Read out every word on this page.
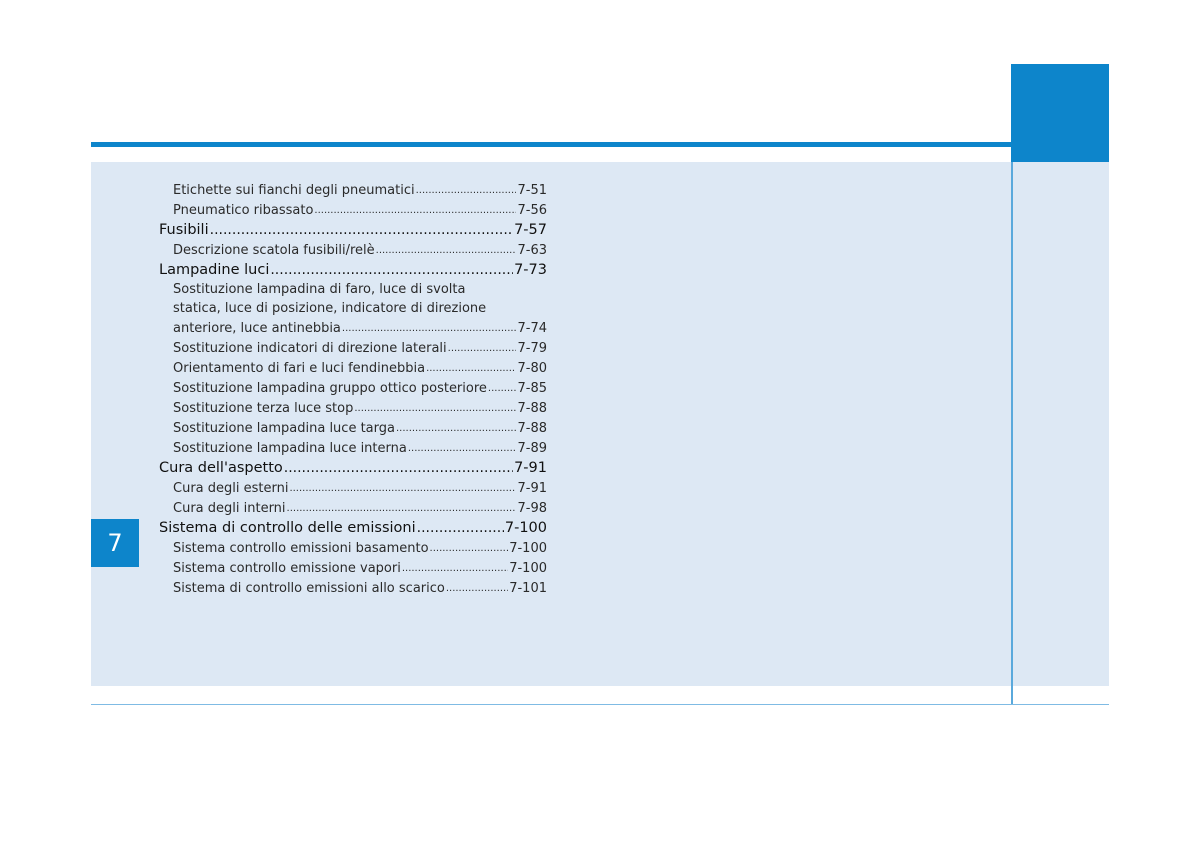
7
Etichette sui fianchi degli pneumatici .....	7-51
Pneumatico ribassato .....	7-56
Fusibili .....	7-57
Descrizione scatola fusibili/relè .....	7-63
Lampadine luci .....	7-73
Sostituzione lampadina di faro, luce di svolta
statica, luce di posizione, indicatore di direzione
anteriore, luce antinebbia .....	7-74
Sostituzione indicatori di direzione laterali .....	7-79
Orientamento di fari e luci fendinebbia .....	7-80
Sostituzione lampadina gruppo ottico posteriore ..... 7-85
Sostituzione terza luce stop .....	7-88
Sostituzione lampadina luce targa .....	7-88
Sostituzione lampadina luce interna .....	7-89
Cura dell'aspetto .....	7-91
Cura degli esterni .....	7-91
Cura degli interni .....	7-98
Sistema di controllo delle emissioni .....	7-100
Sistema controllo emissioni basamento .....	7-100
Sistema controllo emissione vapori .....	7-100
Sistema di controllo emissioni allo scarico .....	7-101
